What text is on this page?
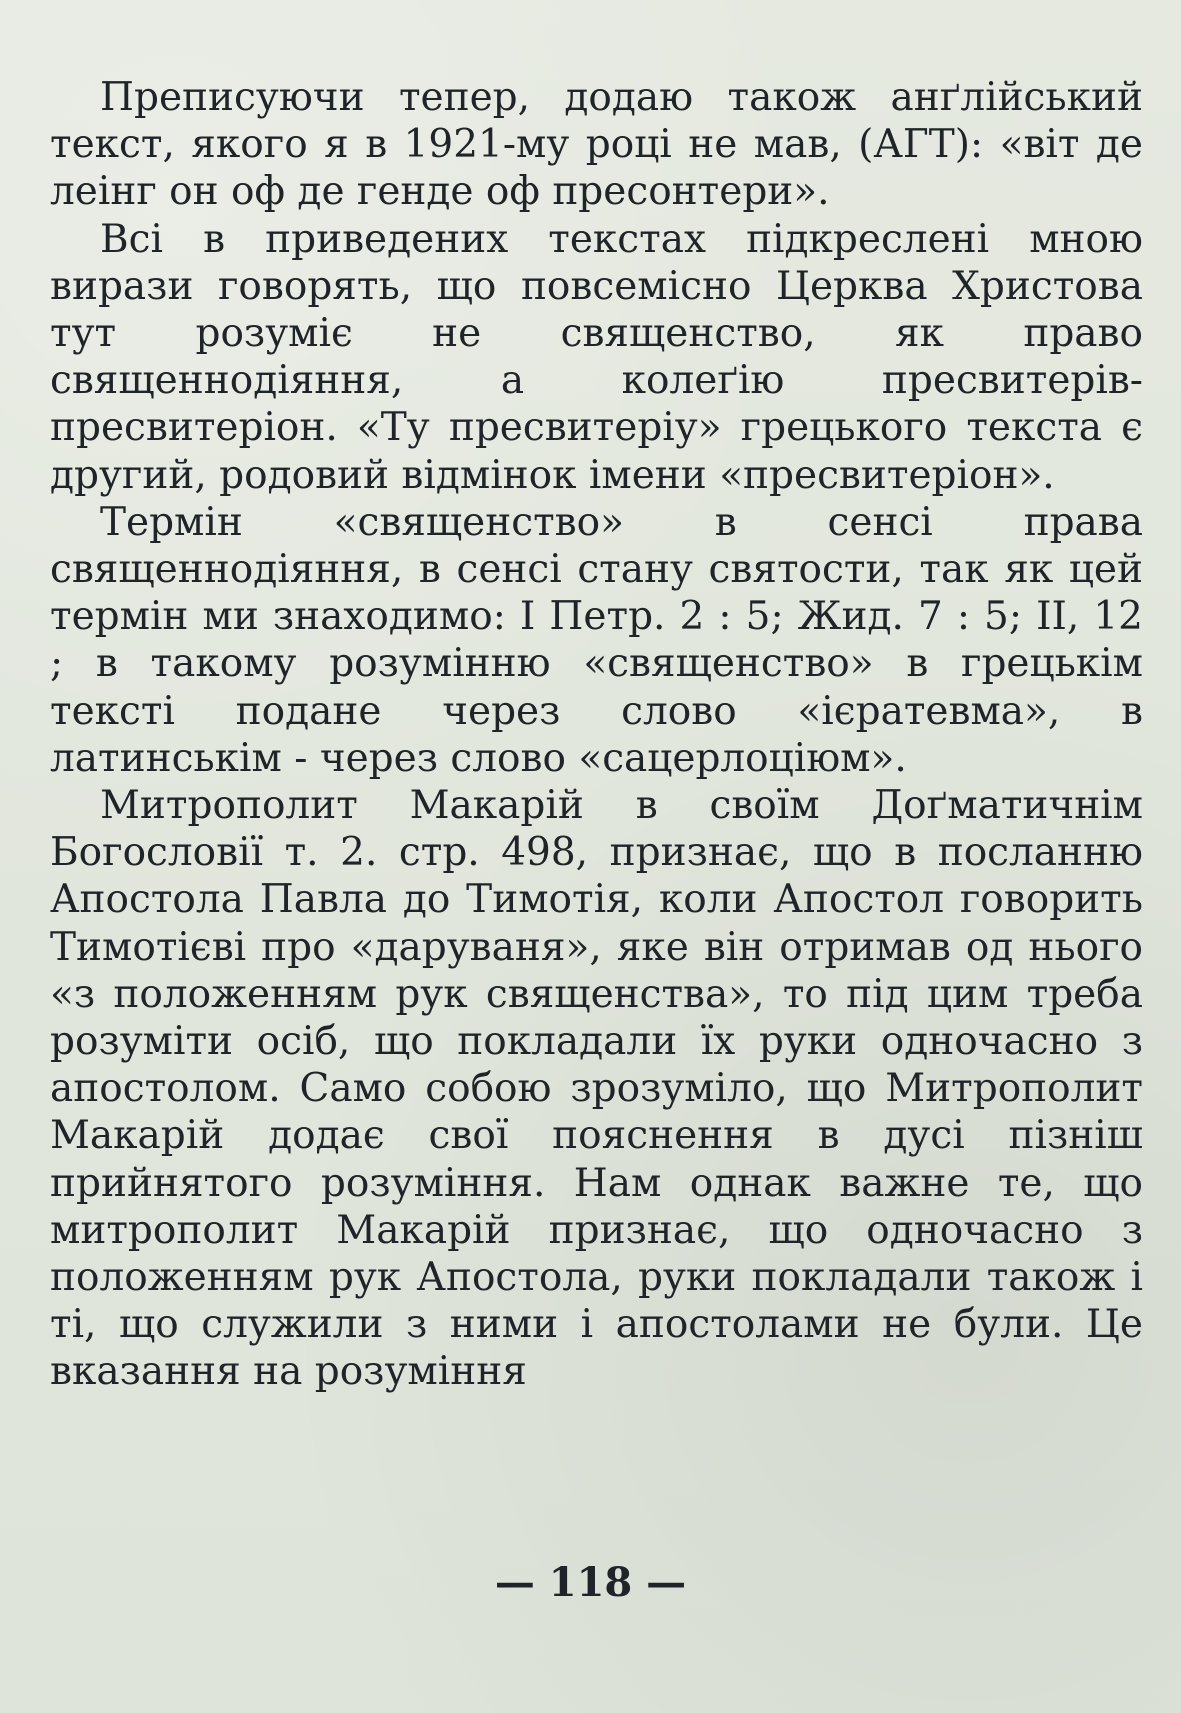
Преписуючи тепер, додаю також анґлійський текст, якого я в 1921-му році не мав, (АГТ): «віт де леінг он оф де генде оф пресонтери».

Всі в приведених текстах підкреслені мною вирази говорять, що повсемісно Церква Христова тут розуміє не священство, як право священнодіяння, а колеґію пресвитерів-пресвитеріон. «Ту пресвитеріу» грецького текста є другий, родовий відмінок імени «пресвитеріон».

Термін «священство» в сенсі права священнодіяння, в сенсі стану святости, так як цей термін ми знаходимо: I Петр. 2 : 5; Жид. 7 : 5; II, 12 ; в такому розумінню «священство» в грецькім тексті подане через слово «ієратевма», в латинськім - через слово «сацерлоціюм».

Митрополит Макарій в своїм Доґматичнім Богословії т. 2. стр. 498, признає, що в посланню Апостола Павла до Тимотія, коли Апостол говорить Тимотієві про «даруваня», яке він отримав од нього «з положенням рук священства», то під цим треба розуміти осіб, що покладали їх руки одночасно з апостолом. Само собою зрозуміло, що Митрополит Макарій додає свої пояснення в дусі пізніш прийнятого розуміння. Нам однак важне те, що митрополит Макарій признає, що одночасно з положенням рук Апостола, руки покладали також і ті, що служили з ними і апостолами не були. Це вказання на розуміння

— 118 —
